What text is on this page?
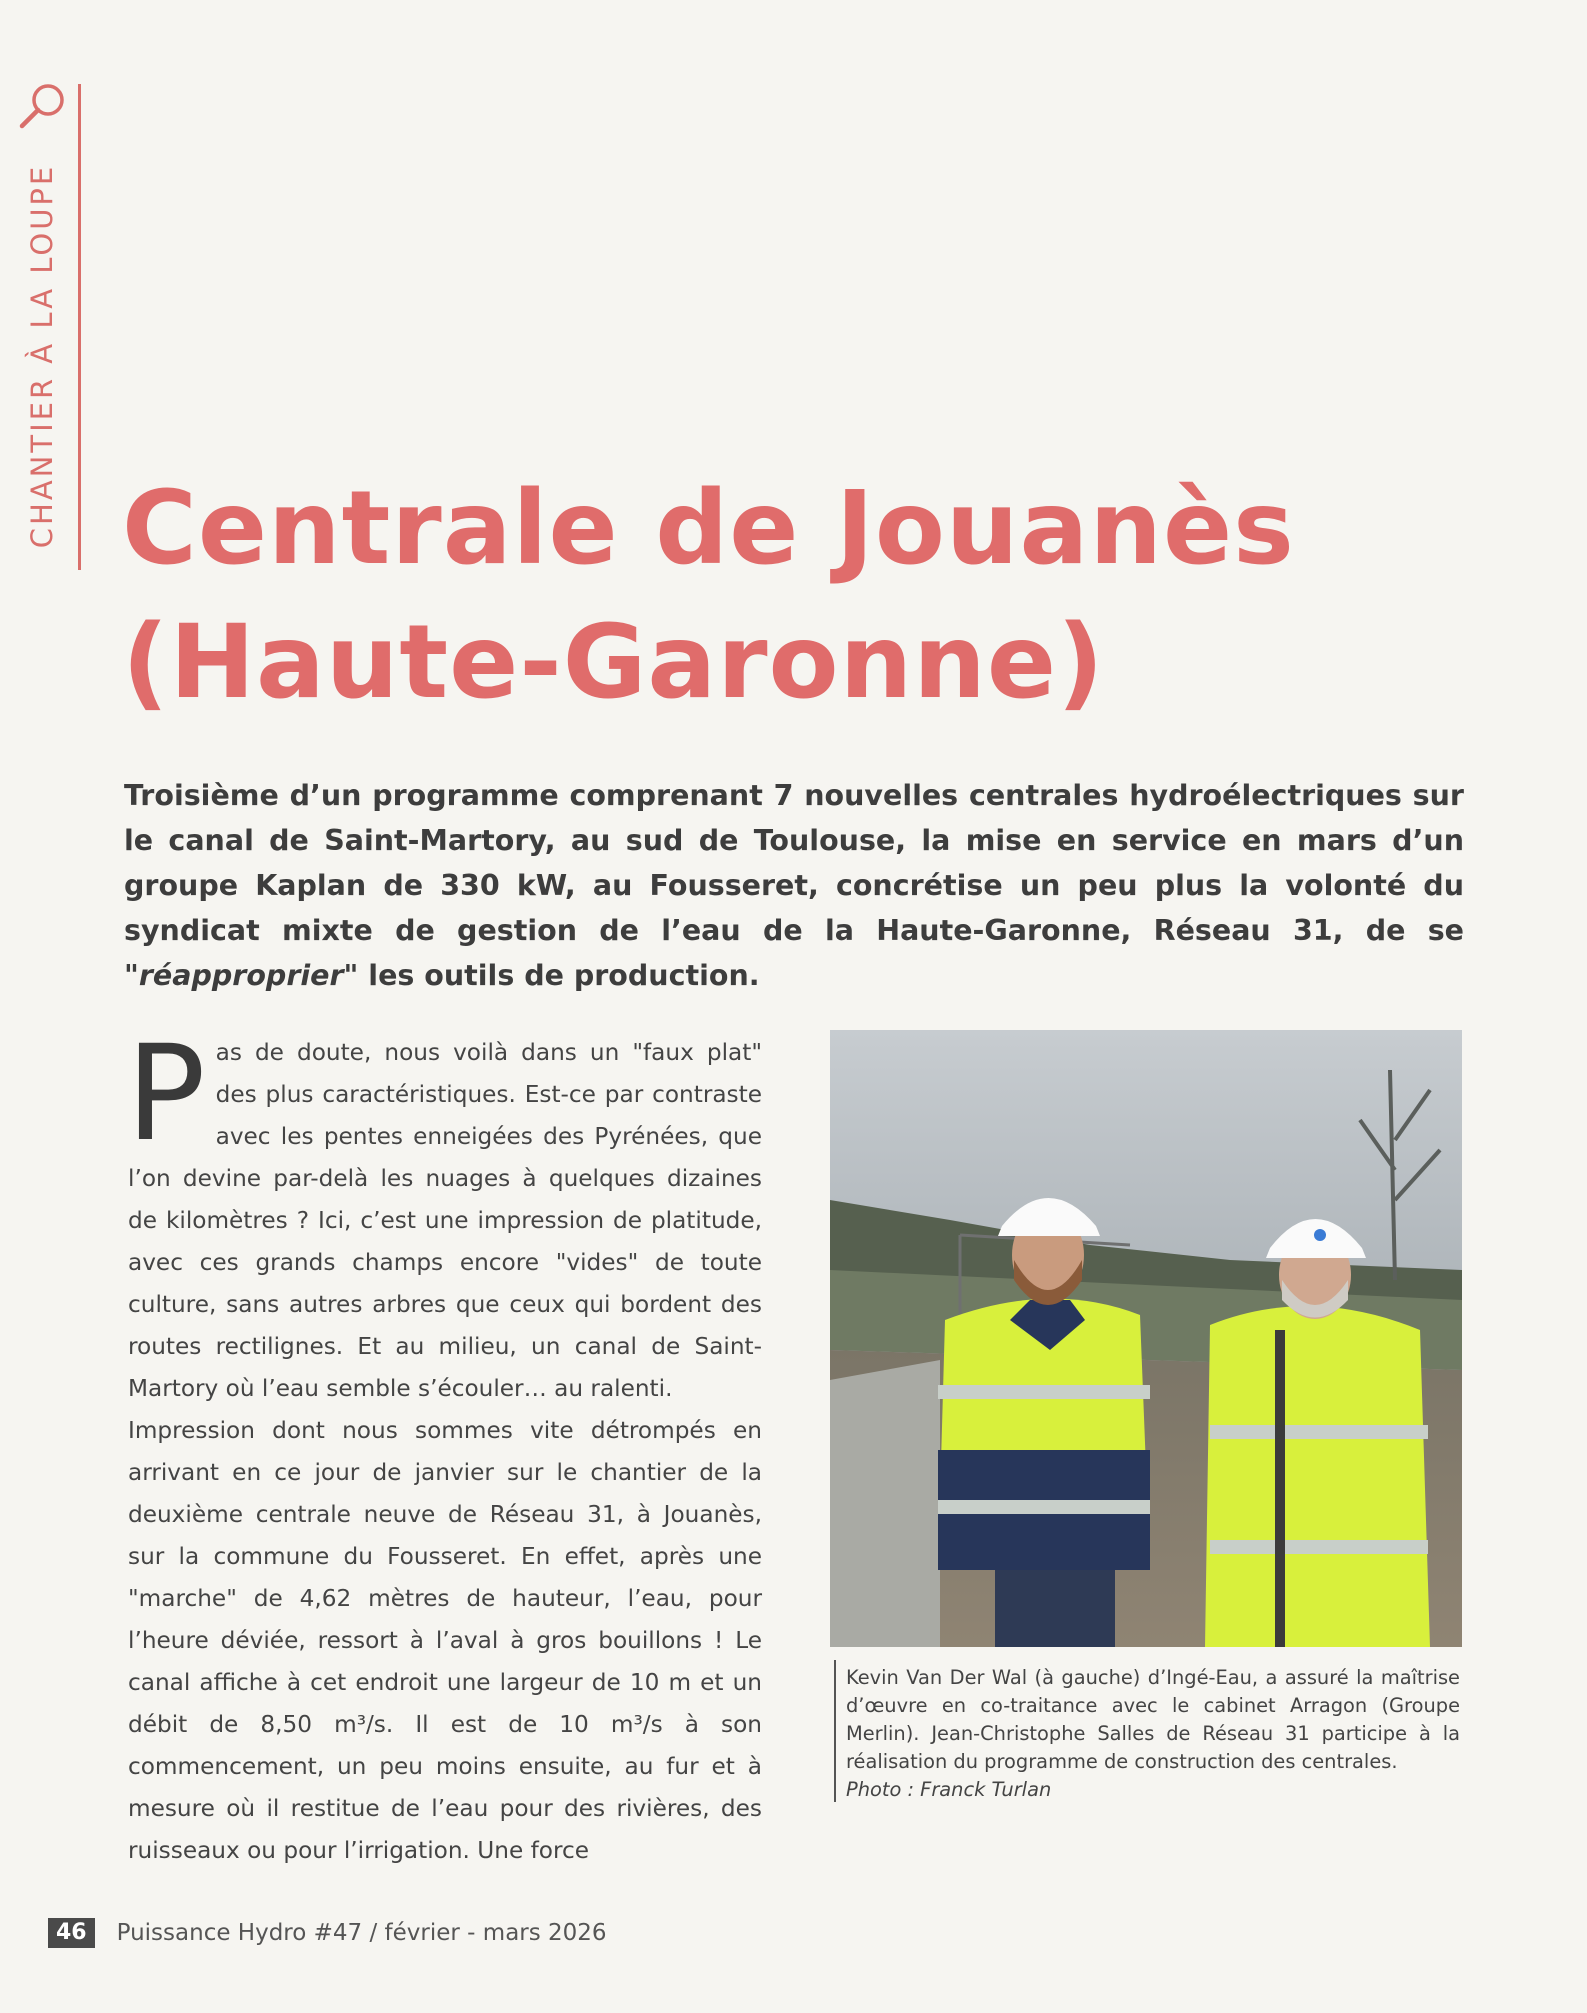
CHANTIER À LA LOUPE Centrale de Jouanès
(Haute-Garonne)

Troisième d’un programme comprenant 7 nouvelles centrales hydroélectriques sur le canal de Saint-Martory, au sud de Toulouse, la mise en service en mars d’un groupe Kaplan de 330 kW, au Fousseret, concrétise un peu plus la volonté du syndicat mixte de gestion de l’eau de la Haute-Garonne, Réseau 31, de se "réapproprier" les outils de production.

Pas de doute, nous voilà dans un "faux plat" des plus caractéristiques. Est-ce par contraste avec les pentes enneigées des Pyrénées, que l’on devine par-delà les nuages à quelques dizaines de kilomètres ? Ici, c’est une impression de platitude, avec ces grands champs encore "vides" de toute culture, sans autres arbres que ceux qui bordent des routes rectilignes. Et au milieu, un canal de Saint-Martory où l’eau semble s’écouler… au ralenti.

Impression dont nous sommes vite détrompés en arrivant en ce jour de janvier sur le chantier de la deuxième centrale neuve de Réseau 31, à Jouanès, sur la commune du Fousseret. En effet, après une "marche" de 4,62 mètres de hauteur, l’eau, pour l’heure déviée, ressort à l’aval à gros bouillons ! Le canal affiche à cet endroit une largeur de 10 m et un débit de 8,50 m³/s. Il est de 10 m³/s à son commencement, un peu moins ensuite, au fur et à mesure où il restitue de l’eau pour des rivières, des ruisseaux ou pour l’irrigation. Une force

Kevin Van Der Wal (à gauche) d’Ingé-Eau, a assuré la maîtrise d’œuvre en co-traitance avec le cabinet Arragon (Groupe Merlin). Jean-Christophe Salles de Réseau 31 participe à la réalisation du programme de construction des centrales.
Photo : Franck Turlan

46	Puissance Hydro #47 / février - mars 2026
